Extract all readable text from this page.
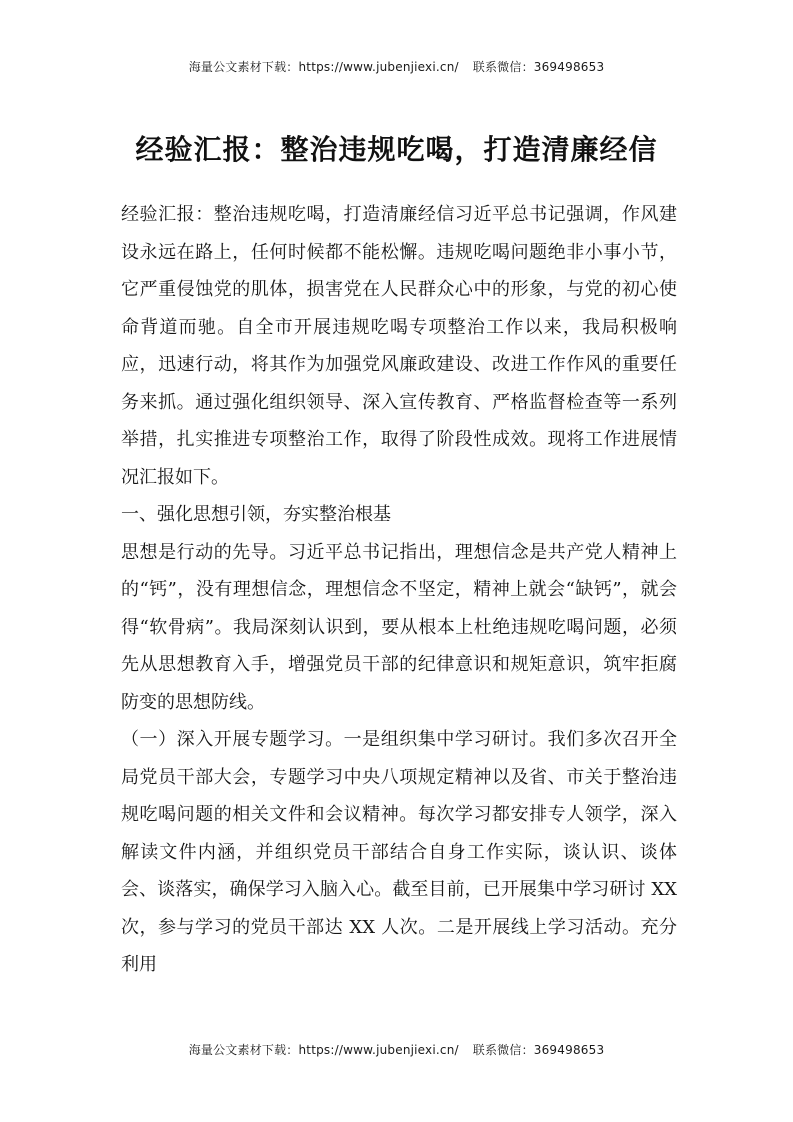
海量公文素材下载：https://www.jubenjiexi.cn/ 联系微信：369498653
经验汇报：整治违规吃喝，打造清廉经信

经验汇报：整治违规吃喝，打造清廉经信习近平总书记强调，作风建设永远在路上，任何时候都不能松懈。违规吃喝问题绝非小事小节，它严重侵蚀党的肌体，损害党在人民群众心中的形象，与党的初心使命背道而驰。自全市开展违规吃喝专项整治工作以来，我局积极响应，迅速行动，将其作为加强党风廉政建设、改进工作作风的重要任务来抓。通过强化组织领导、深入宣传教育、严格监督检查等一系列举措，扎实推进专项整治工作，取得了阶段性成效。现将工作进展情况汇报如下。

一、强化思想引领，夯实整治根基

思想是行动的先导。习近平总书记指出，理想信念是共产党人精神上的“钙”，没有理想信念，理想信念不坚定，精神上就会“缺钙”，就会得“软骨病”。我局深刻认识到，要从根本上杜绝违规吃喝问题，必须先从思想教育入手，增强党员干部的纪律意识和规矩意识，筑牢拒腐防变的思想防线。

（一）深入开展专题学习。一是组织集中学习研讨。我们多次召开全局党员干部大会，专题学习中央八项规定精神以及省、市关于整治违规吃喝问题的相关文件和会议精神。每次学习都安排专人领学，深入解读文件内涵，并组织党员干部结合自身工作实际，谈认识、谈体会、谈落实，确保学习入脑入心。截至目前，已开展集中学习研讨 XX 次，参与学习的党员干部达 XX 人次。二是开展线上学习活动。充分利用

海量公文素材下载：https://www.jubenjiexi.cn/ 联系微信：369498653
